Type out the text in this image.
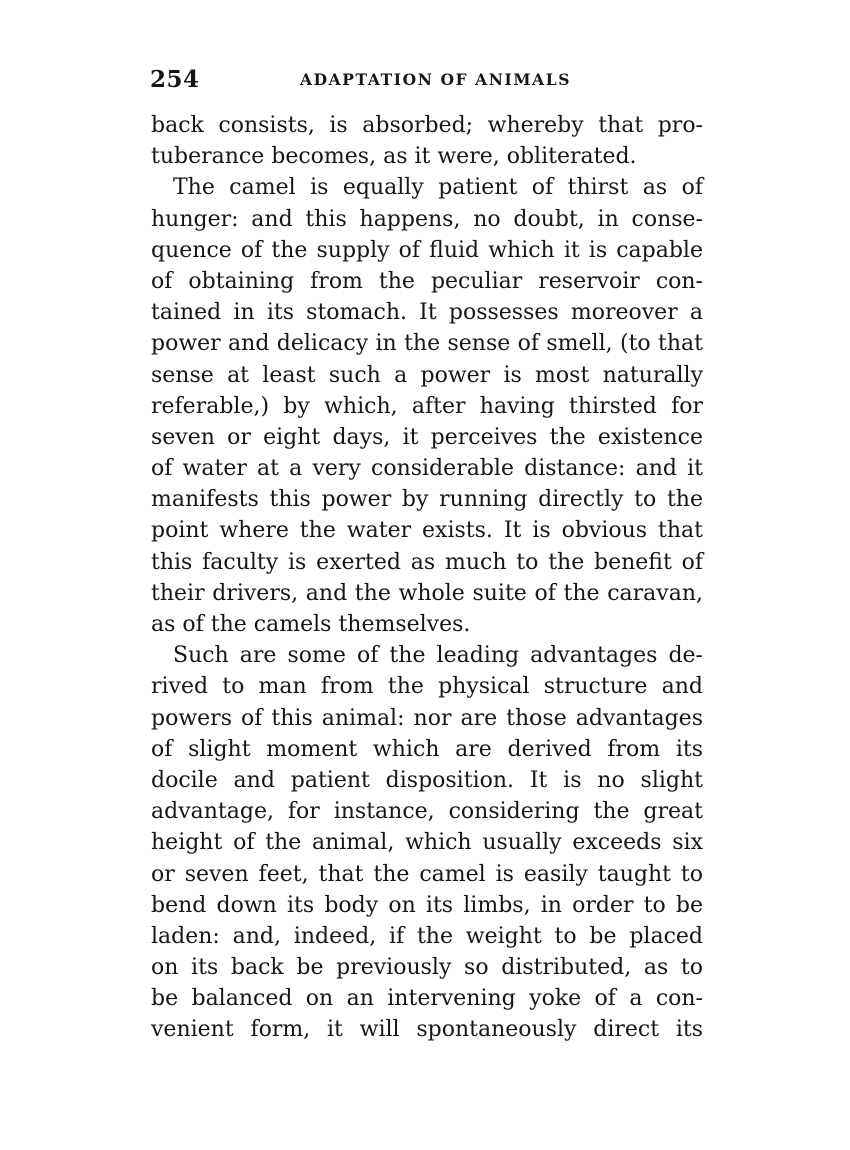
254	ADAPTATION OF ANIMALS
back consists, is absorbed; whereby that pro-
tuberance becomes, as it were, obliterated.
The camel is equally patient of thirst as of
hunger: and this happens, no doubt, in conse-
quence of the supply of fluid which it is capable
of obtaining from the peculiar reservoir con-
tained in its stomach. It possesses moreover a
power and delicacy in the sense of smell, (to that
sense at least such a power is most naturally
referable,) by which, after having thirsted for
seven or eight days, it perceives the existence
of water at a very considerable distance: and it
manifests this power by running directly to the
point where the water exists. It is obvious that
this faculty is exerted as much to the benefit of
their drivers, and the whole suite of the caravan,
as of the camels themselves.
Such are some of the leading advantages de-
rived to man from the physical structure and
powers of this animal: nor are those advantages
of slight moment which are derived from its
docile and patient disposition. It is no slight
advantage, for instance, considering the great
height of the animal, which usually exceeds six
or seven feet, that the camel is easily taught to
bend down its body on its limbs, in order to be
laden: and, indeed, if the weight to be placed
on its back be previously so distributed, as to
be balanced on an intervening yoke of a con-
venient form, it will spontaneously direct its
